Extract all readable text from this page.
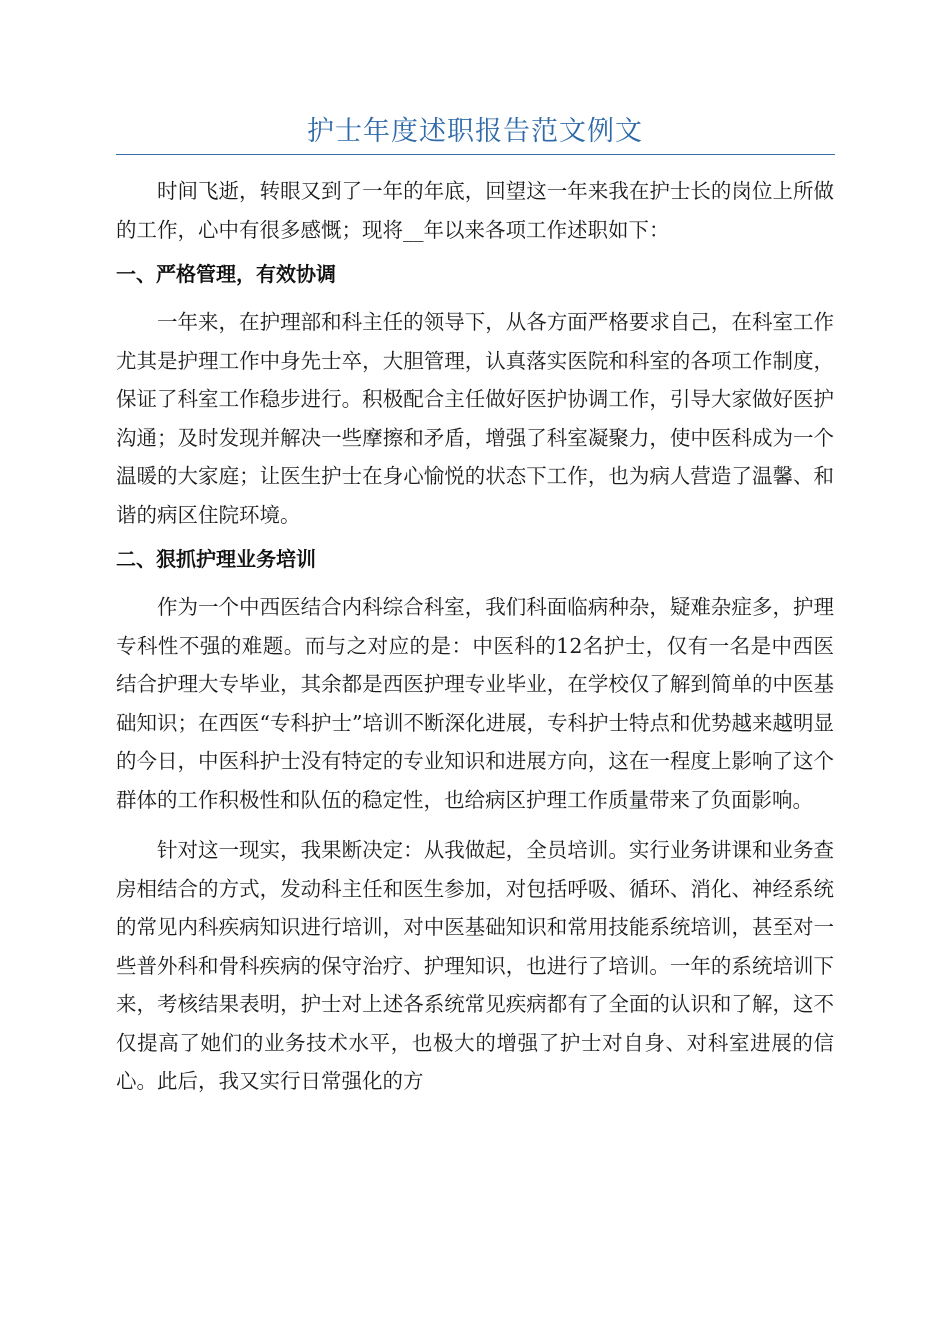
护士年度述职报告范文例文

时间飞逝，转眼又到了一年的年底，回望这一年来我在护士长的岗位上所做的工作，心中有很多感慨；现将__年以来各项工作述职如下：

一、严格管理，有效协调

一年来，在护理部和科主任的领导下，从各方面严格要求自己，在科室工作尤其是护理工作中身先士卒，大胆管理，认真落实医院和科室的各项工作制度，保证了科室工作稳步进行。积极配合主任做好医护协调工作，引导大家做好医护沟通；及时发现并解决一些摩擦和矛盾，增强了科室凝聚力，使中医科成为一个温暖的大家庭；让医生护士在身心愉悦的状态下工作，也为病人营造了温馨、和谐的病区住院环境。

二、狠抓护理业务培训

作为一个中西医结合内科综合科室，我们科面临病种杂，疑难杂症多，护理专科性不强的难题。而与之对应的是：中医科的12名护士，仅有一名是中西医结合护理大专毕业，其余都是西医护理专业毕业，在学校仅了解到简单的中医基础知识；在西医“专科护士”培训不断深化进展，专科护士特点和优势越来越明显的今日，中医科护士没有特定的专业知识和进展方向，这在一程度上影响了这个群体的工作积极性和队伍的稳定性，也给病区护理工作质量带来了负面影响。

针对这一现实，我果断决定：从我做起，全员培训。实行业务讲课和业务查房相结合的方式，发动科主任和医生参加，对包括呼吸、循环、消化、神经系统的常见内科疾病知识进行培训，对中医基础知识和常用技能系统培训，甚至对一些普外科和骨科疾病的保守治疗、护理知识，也进行了培训。一年的系统培训下来，考核结果表明，护士对上述各系统常见疾病都有了全面的认识和了解，这不仅提高了她们的业务技术水平，也极大的增强了护士对自身、对科室进展的信心。此后，我又实行日常强化的方
